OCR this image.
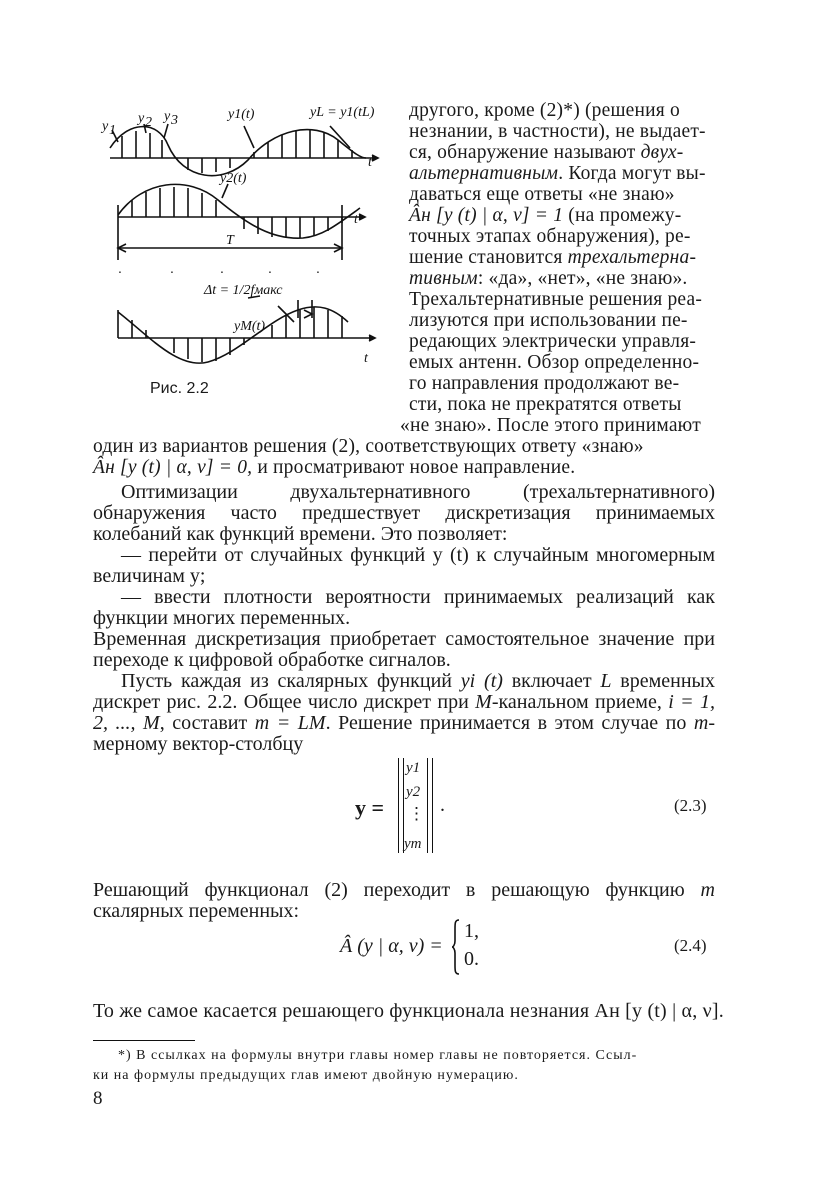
y 1
y 2 y 3	y1(t)	yL = y1(tL)
t
y2(t)
t
T
·	·	·	·	·
Δt = 1/2fмакс
yM(t)
t
Рис. 2.2
другого, кроме (2)*) (решения о
незнании, в частности), не выдает-
ся, обнаружение называют двух-
альтернативным. Когда могут вы-
даваться еще ответы «не знаю»
Âн [y (t) | α, ν] = 1 (на промежу-
точных этапах обнаружения), ре-
шение становится трехальтерна-
тивным: «да», «нет», «не знаю».
Трехальтернативные решения реа-
лизуются при использовании пе-
редающих электрически управля-
емых антенн. Обзор определенно-
го направления продолжают ве-
сти, пока не прекратятся ответы
«не знаю». После этого принимают
один из вариантов решения (2), соответствующих ответу «знаю»
Âн [y (t) | α, ν] = 0, и просматривают новое направление.
Оптимизации двухальтернативного (трехальтернативного) обнаружения часто предшествует дискретизация принимаемых колебаний как функций времени. Это позволяет:
— перейти от случайных функций y (t) к случайным многомерным величинам y;
— ввести плотности вероятности принимаемых реализаций как функции многих переменных.
Временная дискретизация приобретает самостоятельное значение при переходе к цифровой обработке сигналов.
Пусть каждая из скалярных функций yi (t) включает L временных дискрет рис. 2.2. Общее число дискрет при M-канальном приеме, i = 1, 2, ..., M, составит m = LM. Решение принимается в этом случае по m-мерному вектор-столбцу
y =
y1
y2
⋮
ym
.	(2.3)
Решающий функционал (2) переходит в решающую функцию m скалярных переменных:
Â (y | α, ν) =
1,
0.
(2.4)
То же самое касается решающего функционала незнания Ан [y (t) | α, ν].
*) В ссылках на формулы внутри главы номер главы не повторяется. Ссыл-
ки на формулы предыдущих глав имеют двойную нумерацию.
8
